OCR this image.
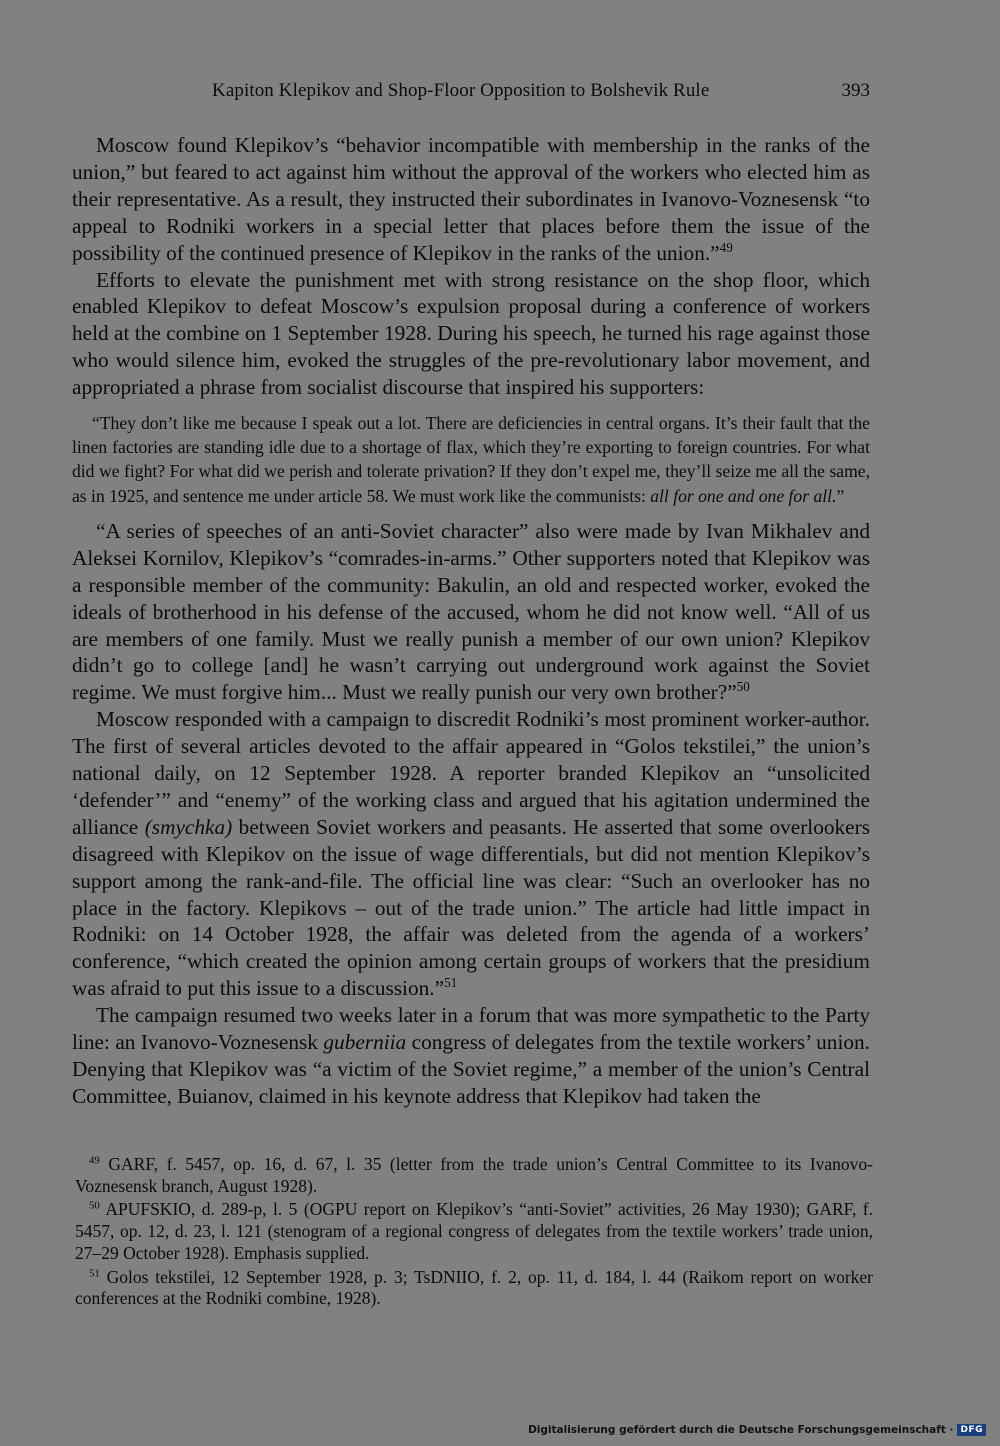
Kapiton Klepikov and Shop-Floor Opposition to Bolshevik Rule	393

Moscow found Klepikov’s “behavior incompatible with membership in the ranks of the union,” but feared to act against him without the approval of the workers who elected him as their representative. As a result, they instructed their subordinates in Ivanovo-Voznesensk “to appeal to Rodniki workers in a special letter that places before them the issue of the possibility of the continued presence of Klepikov in the ranks of the union.”$^{49}$

Efforts to elevate the punishment met with strong resistance on the shop floor, which enabled Klepikov to defeat Moscow’s expulsion proposal during a conference of workers held at the combine on 1 September 1928. During his speech, he turned his rage against those who would silence him, evoked the struggles of the pre-revolutionary labor movement, and appropriated a phrase from socialist discourse that inspired his supporters:

“They don’t like me because I speak out a lot. There are deficiencies in central organs. It’s their fault that the linen factories are standing idle due to a shortage of flax, which they’re exporting to foreign countries. For what did we fight? For what did we perish and tolerate privation? If they don’t expel me, they’ll seize me all the same, as in 1925, and sentence me under article 58. We must work like the communists: all for one and one for all.”

“A series of speeches of an anti-Soviet character” also were made by Ivan Mikhalev and Aleksei Kornilov, Klepikov’s “comrades-in-arms.” Other supporters noted that Klepikov was a responsible member of the community: Bakulin, an old and respected worker, evoked the ideals of brotherhood in his defense of the accused, whom he did not know well. “All of us are members of one family. Must we really punish a member of our own union? Klepikov didn’t go to college [and] he wasn’t carrying out underground work against the Soviet regime. We must forgive him... Must we really punish our very own brother?”$^{50}$

Moscow responded with a campaign to discredit Rodniki’s most prominent worker-author. The first of several articles devoted to the affair appeared in “Golos tekstilei,” the union’s national daily, on 12 September 1928. A reporter branded Klepikov an “unsolicited ‘defender’” and “enemy” of the working class and argued that his agitation undermined the alliance (smychka) between Soviet workers and peasants. He asserted that some overlookers disagreed with Klepikov on the issue of wage differentials, but did not mention Klepikov’s support among the rank-and-file. The official line was clear: “Such an overlooker has no place in the factory. Klepikovs – out of the trade union.” The article had little impact in Rodniki: on 14 October 1928, the affair was deleted from the agenda of a workers’ conference, “which created the opinion among certain groups of workers that the presidium was afraid to put this issue to a discussion.”$^{51}$

The campaign resumed two weeks later in a forum that was more sympathetic to the Party line: an Ivanovo-Voznesensk guberniia congress of delegates from the textile workers’ union. Denying that Klepikov was “a victim of the Soviet regime,” a member of the union’s Central Committee, Buianov, claimed in his keynote address that Klepikov had taken the

$^{49}$ GARF, f. 5457, op. 16, d. 67, l. 35 (letter from the trade union’s Central Committee to its Ivanovo-Voznesensk branch, August 1928).

$^{50}$ APUFSKIO, d. 289-p, l. 5 (OGPU report on Klepikov’s “anti-Soviet” activities, 26 May 1930); GARF, f. 5457, op. 12, d. 23, l. 121 (stenogram of a regional congress of delegates from the textile workers’ trade union, 27–29 October 1928). Emphasis supplied.

$^{51}$ Golos tekstilei, 12 September 1928, p. 3; TsDNIIO, f. 2, op. 11, d. 184, l. 44 (Raikom report on worker conferences at the Rodniki combine, 1928).

Digitalisierung gefördert durch die Deutsche Forschungsgemeinschaft · DFG
